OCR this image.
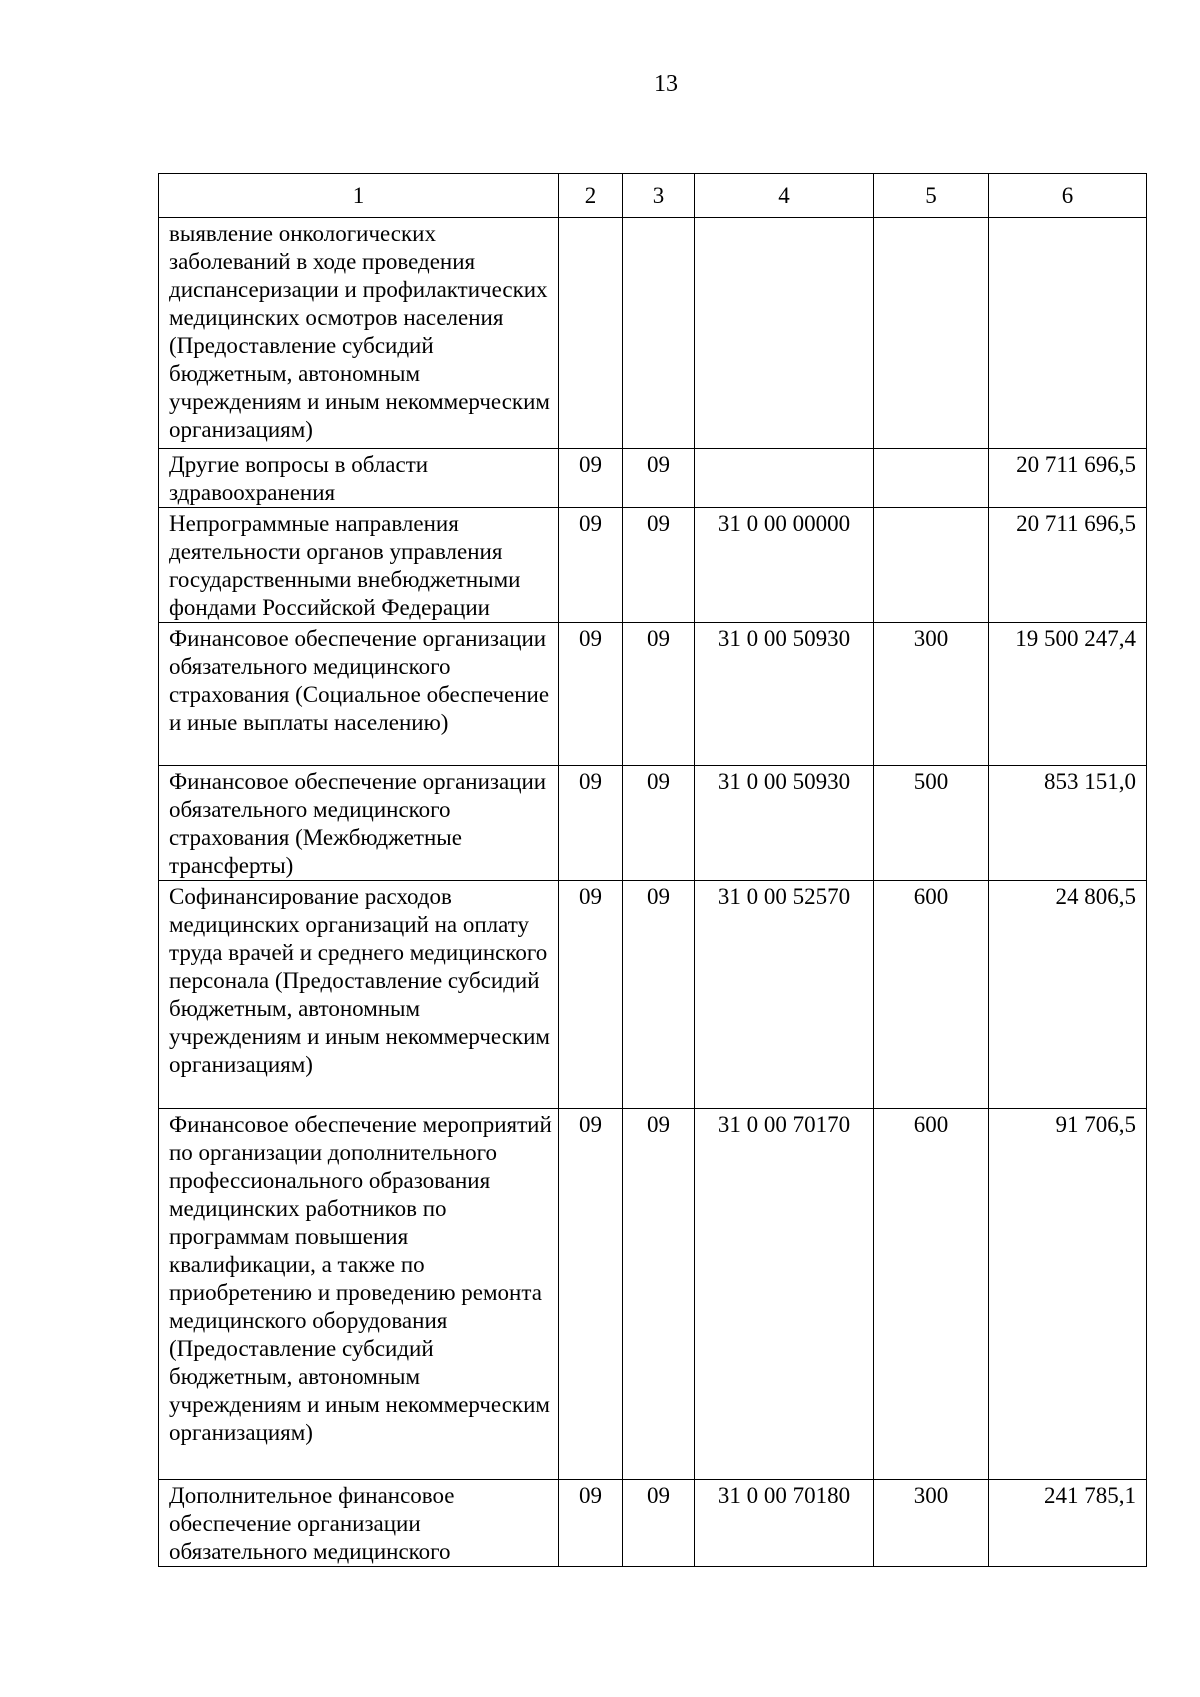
13
1	2	3	4	5	6
выявление онкологических заболеваний в ходе проведения диспансеризации и профилактических медицинских осмотров населения (Предоставление субсидий бюджетным, автономным учреждениям и иным некоммерческим организациям)					
Другие вопросы в области здравоохранения	09	09			20 711 696,5
Непрограммные направления деятельности органов управления государственными внебюджетными фондами Российской Федерации	09	09	31 0 00 00000		20 711 696,5
Финансовое обеспечение организации обязательного медицинского страхования (Социальное обеспечение и иные выплаты населению)	09	09	31 0 00 50930	300	19 500 247,4
Финансовое обеспечение организации обязательного медицинского страхования (Межбюджетные трансферты)	09	09	31 0 00 50930	500	853 151,0
Софинансирование расходов медицинских организаций на оплату труда врачей и среднего медицинского персонала (Предоставление субсидий бюджетным, автономным учреждениям и иным некоммерческим организациям)	09	09	31 0 00 52570	600	24 806,5
Финансовое обеспечение мероприятий по организации дополнительного профессионального образования медицинских работников по программам повышения квалификации, а также по приобретению и проведению ремонта медицинского оборудования (Предоставление субсидий бюджетным, автономным учреждениям и иным некоммерческим организациям)	09	09	31 0 00 70170	600	91 706,5
Дополнительное финансовое обеспечение организации обязательного медицинского	09	09	31 0 00 70180	300	241 785,1
